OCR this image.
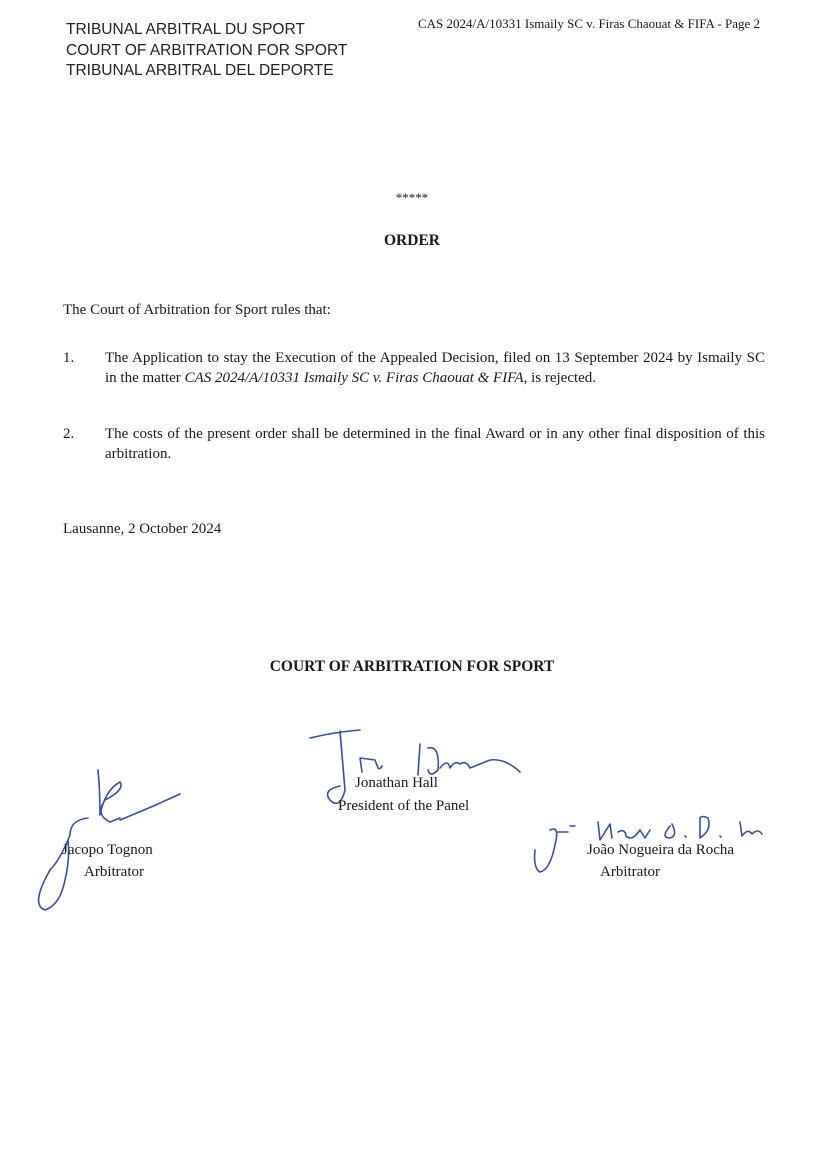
TRIBUNAL ARBITRAL DU SPORT
COURT OF ARBITRATION FOR SPORT
TRIBUNAL ARBITRAL DEL DEPORTE
CAS 2024/A/10331 Ismaily SC v. Firas Chaouat & FIFA - Page 2
*****
ORDER
The Court of Arbitration for Sport rules that:
1. The Application to stay the Execution of the Appealed Decision, filed on 13 September 2024 by Ismaily SC in the matter CAS 2024/A/10331 Ismaily SC v. Firas Chaouat & FIFA, is rejected.
2. The costs of the present order shall be determined in the final Award or in any other final disposition of this arbitration.
Lausanne, 2 October 2024
COURT OF ARBITRATION FOR SPORT
Jonathan Hall
President of the Panel
Jacopo Tognon
Arbitrator
João Nogueira da Rocha
Arbitrator
